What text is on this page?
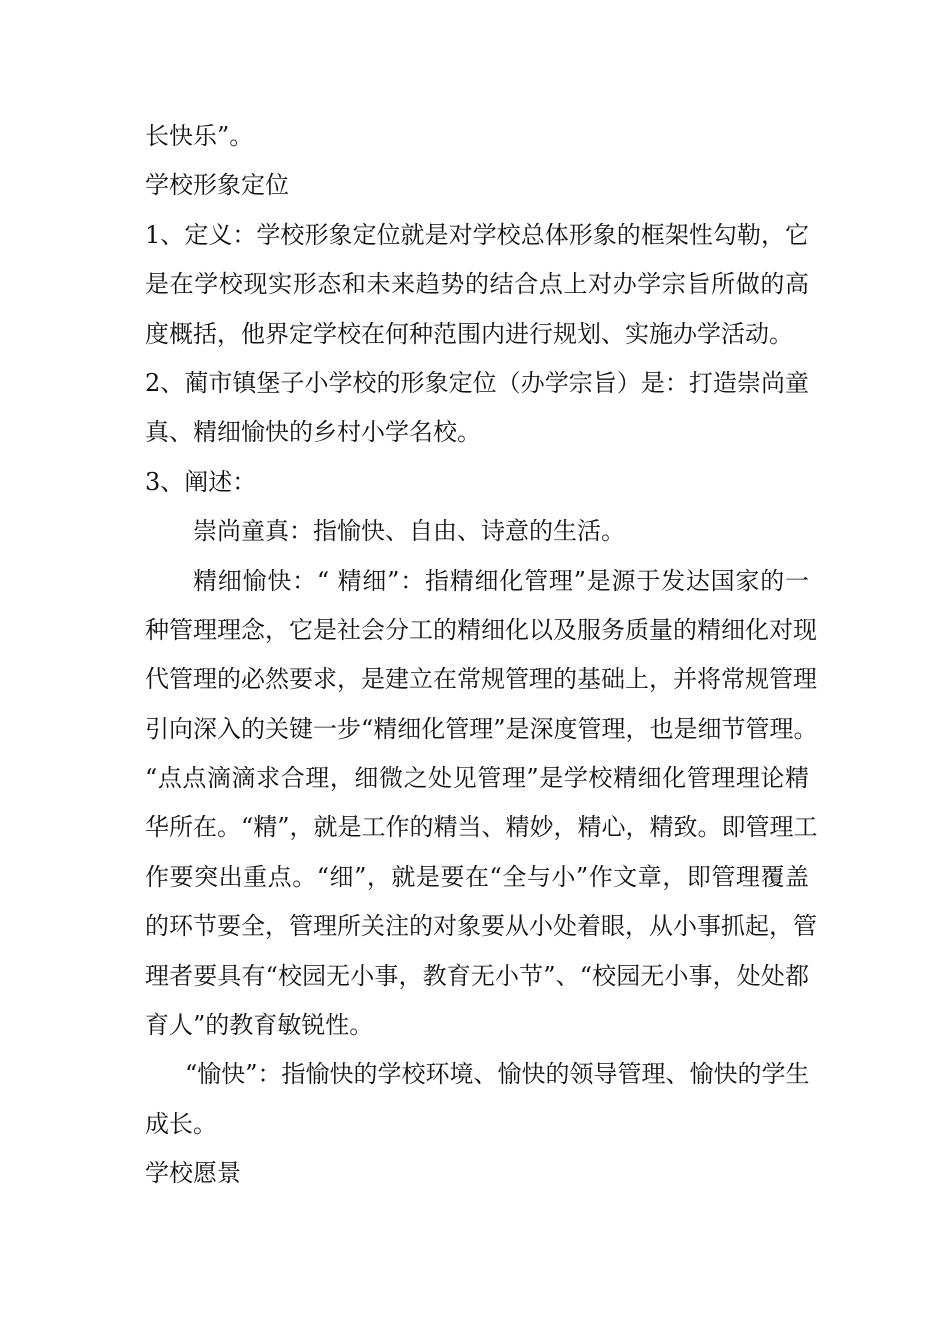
长快乐”。
学校形象定位
1、定义：学校形象定位就是对学校总体形象的框架性勾勒，它
是在学校现实形态和未来趋势的结合点上对办学宗旨所做的高
度概括，他界定学校在何种范围内进行规划、实施办学活动。
2、蔺市镇堡子小学校的形象定位（办学宗旨）是：打造崇尚童
真、精细愉快的乡村小学名校。
3、阐述：
崇尚童真：指愉快、自由、诗意的生活。
精细愉快：“ 精细”：指精细化管理”是源于发达国家的一
种管理理念，它是社会分工的精细化以及服务质量的精细化对现
代管理的必然要求，是建立在常规管理的基础上，并将常规管理
引向深入的关键一步“精细化管理”是深度管理，也是细节管理。
“点点滴滴求合理，细微之处见管理”是学校精细化管理理论精
华所在。“精”，就是工作的精当、精妙，精心，精致。即管理工
作要突出重点。“细”，就是要在“全与小”作文章，即管理覆盖
的环节要全，管理所关注的对象要从小处着眼，从小事抓起，管
理者要具有“校园无小事，教育无小节”、“校园无小事，处处都
育人”的教育敏锐性。
“愉快”：指愉快的学校环境、愉快的领导管理、愉快的学生
成长。
学校愿景
